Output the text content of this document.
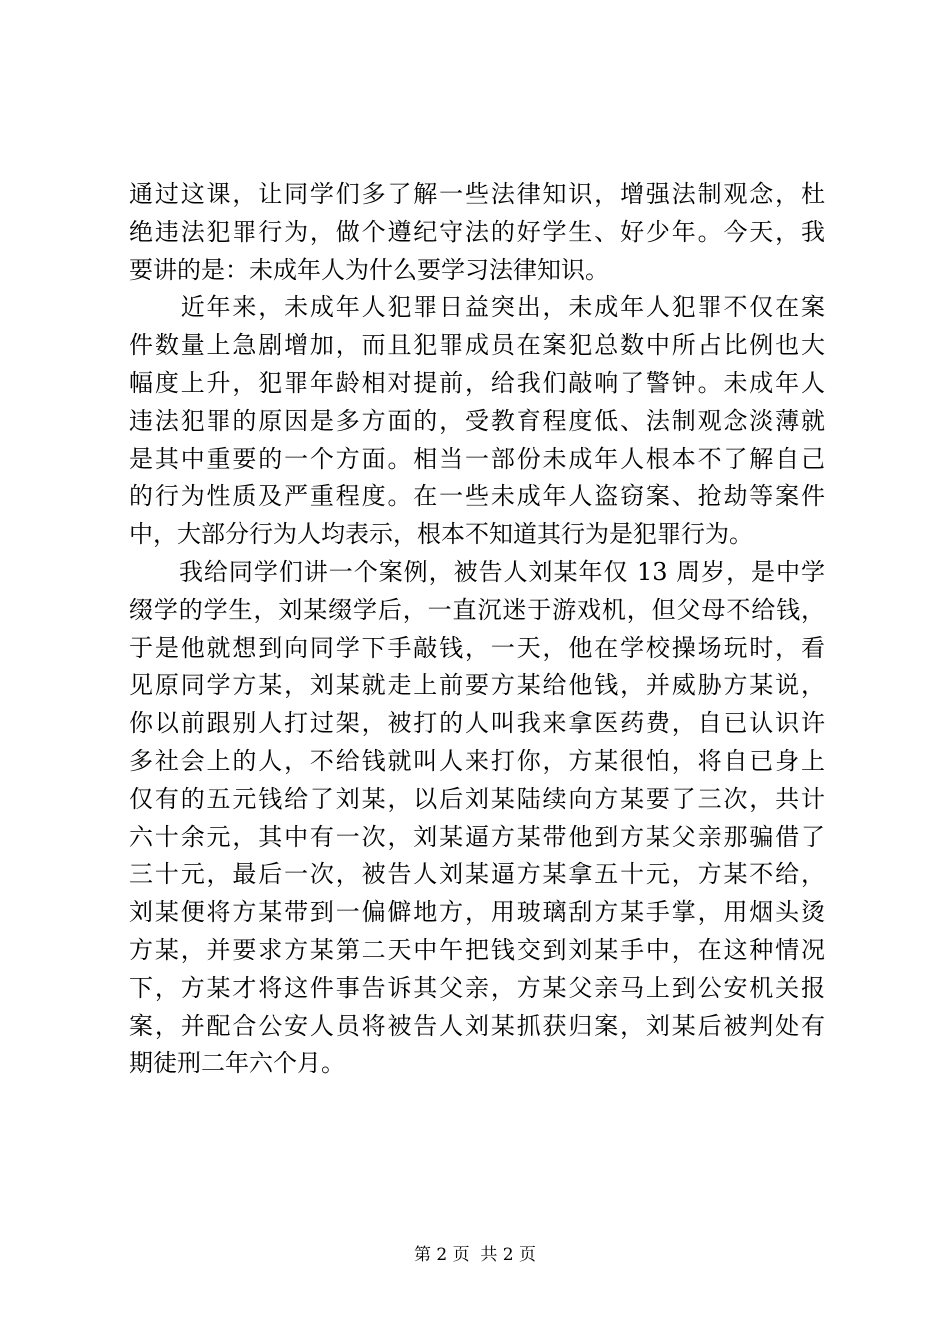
通过这课，让同学们多了解一些法律知识，增强法制观念，杜
绝违法犯罪行为，做个遵纪守法的好学生、好少年。今天，我
要讲的是：未成年人为什么要学习法律知识。
　　近年来，未成年人犯罪日益突出，未成年人犯罪不仅在案
件数量上急剧增加，而且犯罪成员在案犯总数中所占比例也大
幅度上升，犯罪年龄相对提前，给我们敲响了警钟。未成年人
违法犯罪的原因是多方面的，受教育程度低、法制观念淡薄就
是其中重要的一个方面。相当一部份未成年人根本不了解自己
的行为性质及严重程度。在一些未成年人盗窃案、抢劫等案件
中，大部分行为人均表示，根本不知道其行为是犯罪行为。
　　我给同学们讲一个案例，被告人刘某年仅 13 周岁，是中学
缀学的学生，刘某缀学后，一直沉迷于游戏机，但父母不给钱，
于是他就想到向同学下手敲钱，一天，他在学校操场玩时，看
见原同学方某，刘某就走上前要方某给他钱，并威胁方某说，
你以前跟别人打过架，被打的人叫我来拿医药费，自已认识许
多社会上的人，不给钱就叫人来打你，方某很怕，将自已身上
仅有的五元钱给了刘某，以后刘某陆续向方某要了三次，共计
六十余元，其中有一次，刘某逼方某带他到方某父亲那骗借了
三十元，最后一次，被告人刘某逼方某拿五十元，方某不给，
刘某便将方某带到一偏僻地方，用玻璃刮方某手掌，用烟头烫
方某，并要求方某第二天中午把钱交到刘某手中，在这种情况
下，方某才将这件事告诉其父亲，方某父亲马上到公安机关报
案，并配合公安人员将被告人刘某抓获归案，刘某后被判处有
期徒刑二年六个月。
第 2 页  共 2 页
